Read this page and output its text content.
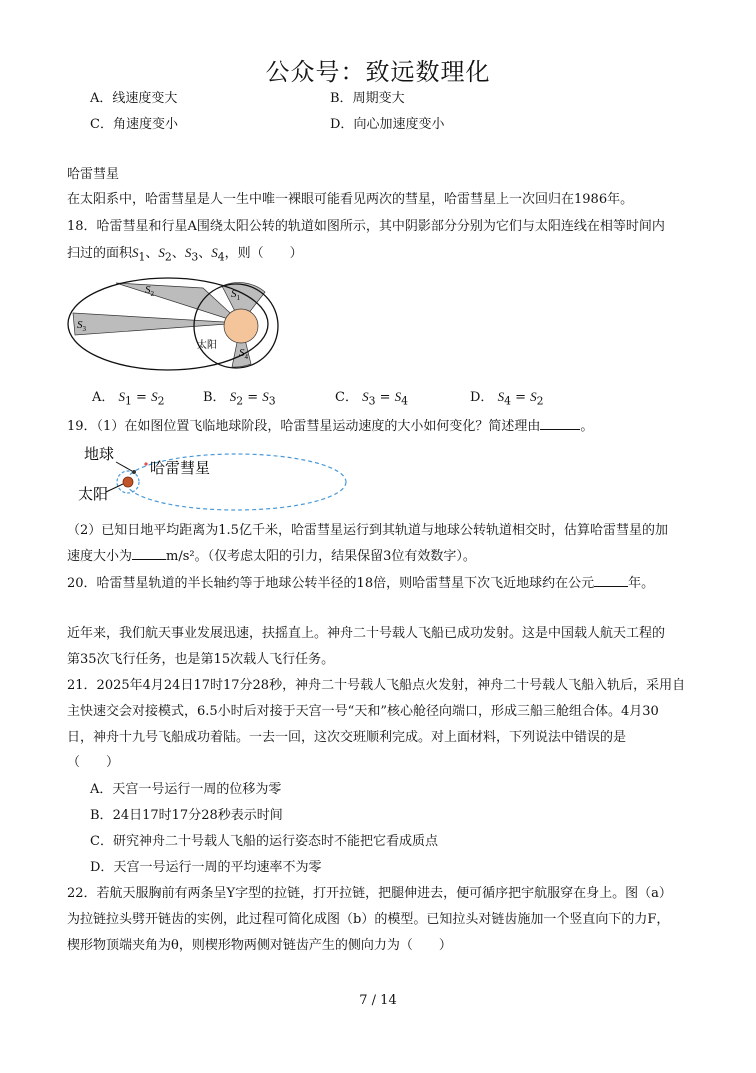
公众号：致远数理化
A．线速度变大	B．周期变大
C．角速度变小	D．向心加速度变小
哈雷彗星
在太阳系中，哈雷彗星是人一生中唯一裸眼可能看见两次的彗星，哈雷彗星上一次回归在1986年。
18．哈雷彗星和行星A围绕太阳公转的轨道如图所示，其中阴影部分分别为它们与太阳连线在相等时间内
扫过的面积$S_1$、$S_2$、$S_3$、$S_4$，则（　　）
$S_2$
$S_3$
$S_1$
$S_4$
太阳
A． $S_1 = S_2$	B． $S_2 = S_3$	C． $S_3 = S_4$	D． $S_4 = S_2$
19．（1）在如图位置飞临地球阶段，哈雷彗星运动速度的大小如何变化？简述理由	。
地球
哈雷彗星
太阳
（2）已知日地平均距离为1.5亿千米，哈雷彗星运行到其轨道与地球公转轨道相交时，估算哈雷彗星的加
速度大小为	m/s²。（仅考虑太阳的引力，结果保留3位有效数字）。
20．哈雷彗星轨道的半长轴约等于地球公转半径的18倍，则哈雷彗星下次飞近地球约在公元	年。
近年来，我们航天事业发展迅速，扶摇直上。神舟二十号载人飞船已成功发射。这是中国载人航天工程的
第35次飞行任务，也是第15次载人飞行任务。
21．2025年4月24日17时17分28秒，神舟二十号载人飞船点火发射，神舟二十号载人飞船入轨后，采用自
主快速交会对接模式，6.5小时后对接于天宫一号“天和”核心舱径向端口，形成三船三舱组合体。4月30
日，神舟十九号飞船成功着陆。一去一回，这次交班顺利完成。对上面材料，下列说法中错误的是
（　　）
A．天宫一号运行一周的位移为零
B．24日17时17分28秒表示时间
C．研究神舟二十号载人飞船的运行姿态时不能把它看成质点
D．天宫一号运行一周的平均速率不为零
22．若航天服胸前有两条呈Y字型的拉链，打开拉链，把腿伸进去，便可循序把宇航服穿在身上。图（a）
为拉链拉头劈开链齿的实例，此过程可简化成图（b）的模型。已知拉头对链齿施加一个竖直向下的力F，
楔形物顶端夹角为θ，则楔形物两侧对链齿产生的侧向力为（　　）
7 / 14
